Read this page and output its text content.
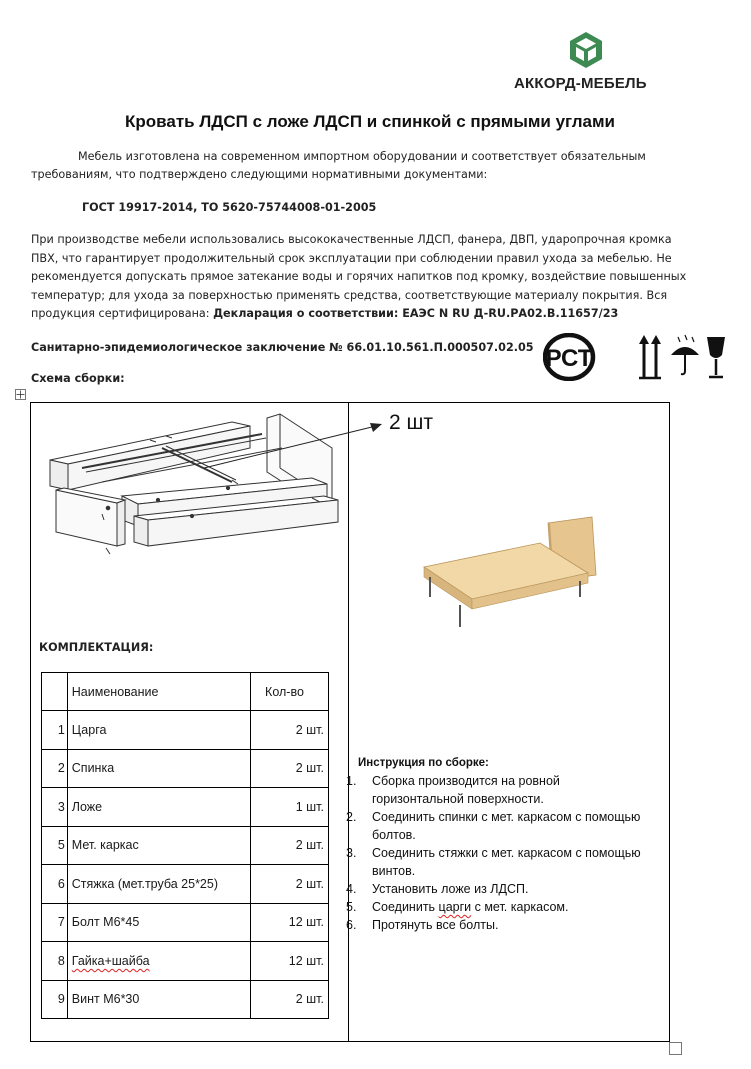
АККОРД-МЕБЕЛЬ
Кровать ЛДСП с ложе ЛДСП и спинкой с прямыми углами
Мебель изготовлена на современном импортном оборудовании и соответствует обязательным
требованиям, что подтверждено следующими нормативными документами:
ГОСТ 19917-2014, ТО 5620-75744008-01-2005
При производстве мебели использовались высококачественные ЛДСП, фанера, ДВП, ударопрочная кромка
ПВХ, что гарантирует продолжительный срок эксплуатации при соблюдении правил ухода за мебелью. Не
рекомендуется допускать прямое затекание воды и горячих напитков под кромку, воздействие повышенных
температур; для ухода за поверхностью применять средства, соответствующие материалу покрытия. Вся
продукция сертифицирована: Декларация о соответствии: ЕАЭС N RU Д-RU.РА02.В.11657/23
Санитарно-эпидемиологическое заключение № 66.01.10.561.П.000507.02.05 РСТ
Схема сборки:
2 шт
КОМПЛЕКТАЦИЯ:
	Наименование	Кол-во
1	Царга	2 шт.
2	Спинка	2 шт.
3	Ложе	1 шт.
5	Мет. каркас	2 шт.
6	Стяжка (мет.труба 25*25)	2 шт.
7	Болт М6*45	12 шт.
8	Гайка+шайба	12 шт.
9	Винт М6*30	2 шт.
Инструкция по сборке:
1. Сборка производится на ровной
горизонтальной поверхности.
2. Соединить спинки с мет. каркасом с помощью
болтов.
3. Соединить стяжки с мет. каркасом с помощью
винтов.
4. Установить ложе из ЛДСП.
5. Соединить царги с мет. каркасом.
6. Протянуть все болты.
